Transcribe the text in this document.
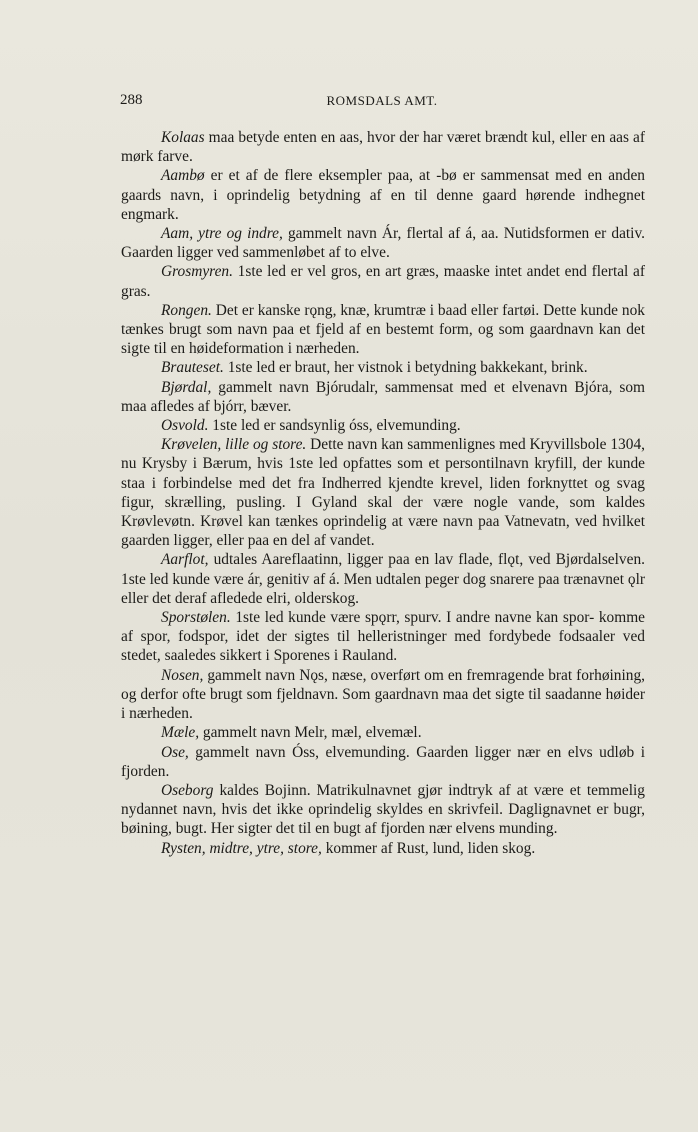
288	ROMSDALS AMT.

Kolaas maa betyde enten en aas, hvor der har været brændt kul, eller en aas af mørk farve.

Aambø er et af de flere eksempler paa, at -bø er sammensat med en anden gaards navn, i oprindelig betydning af en til denne gaard hørende indhegnet engmark.

Aam, ytre og indre, gammelt navn Ár, flertal af á, aa. Nutidsformen er dativ. Gaarden ligger ved sammenløbet af to elve.

Grosmyren. 1ste led er vel gros, en art græs, maaske intet andet end flertal af gras.

Rongen. Det er kanske rǫng, knæ, krumtræ i baad eller fartøi. Dette kunde nok tænkes brugt som navn paa et fjeld af en bestemt form, og som gaardnavn kan det sigte til en høideformation i nærheden.

Brauteset. 1ste led er braut, her vistnok i betydning bakkekant, brink.

Bjørdal, gammelt navn Bjórudalr, sammensat med et elvenavn Bjóra, som maa afledes af bjórr, bæver.

Osvold. 1ste led er sandsynlig óss, elvemunding.

Krøvelen, lille og store. Dette navn kan sammenlignes med Kryvillsbole 1304, nu Krysby i Bærum, hvis 1ste led opfattes som et persontilnavn kryfill, der kunde staa i forbindelse med det fra Indherred kjendte krevel, liden forknyttet og svag figur, skrælling, pusling. I Gyland skal der være nogle vande, som kaldes Krøvlevøtn. Krøvel kan tænkes oprindelig at være navn paa Vatnevatn, ved hvilket gaarden ligger, eller paa en del af vandet.

Aarflot, udtales Aareflaatinn, ligger paa en lav flade, flǫt, ved Bjørdalselven. 1ste led kunde være ár, genitiv af á. Men udtalen peger dog snarere paa trænavnet ǫlr eller det deraf afledede elri, olderskog.

Sporstølen. 1ste led kunde være spǫrr, spurv. I andre navne kan spor- komme af spor, fodspor, idet der sigtes til helleristninger med fordybede fodsaaler ved stedet, saaledes sikkert i Sporenes i Rauland.

Nosen, gammelt navn Nǫs, næse, overført om en fremragende brat forhøining, og derfor ofte brugt som fjeldnavn. Som gaardnavn maa det sigte til saadanne høider i nærheden.

Mæle, gammelt navn Melr, mæl, elvemæl.

Ose, gammelt navn Óss, elvemunding. Gaarden ligger nær en elvs udløb i fjorden.

Oseborg kaldes Bojinn. Matrikulnavnet gjør indtryk af at være et temmelig nydannet navn, hvis det ikke oprindelig skyldes en skrivfeil. Daglignavnet er bugr, bøining, bugt. Her sigter det til en bugt af fjorden nær elvens munding.

Rysten, midtre, ytre, store, kommer af Rust, lund, liden skog.
